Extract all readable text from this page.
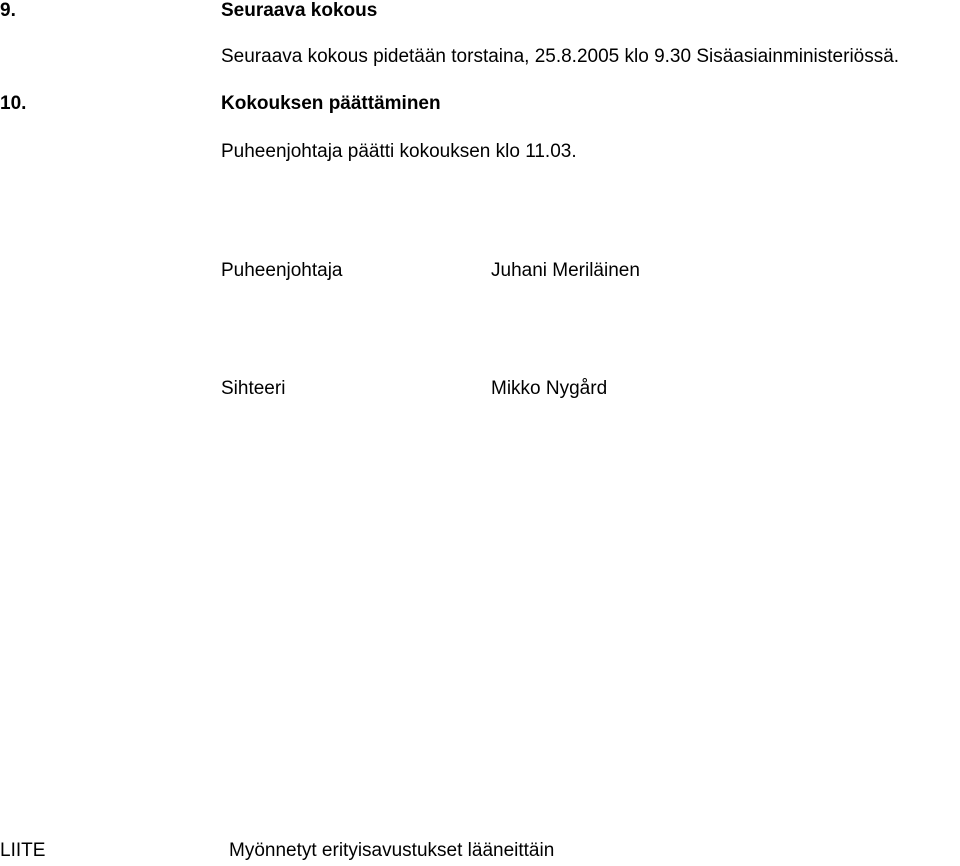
9.	Seuraava kokous
Seuraava kokous pidetään torstaina, 25.8.2005 klo 9.30 Sisäasiainministeriössä.
10.	Kokouksen päättäminen
Puheenjohtaja päätti kokouksen klo 11.03.
Puheenjohtaja	Juhani Meriläinen
Sihteeri	Mikko Nygård
LIITE	Myönnetyt erityisavustukset lääneittäin
